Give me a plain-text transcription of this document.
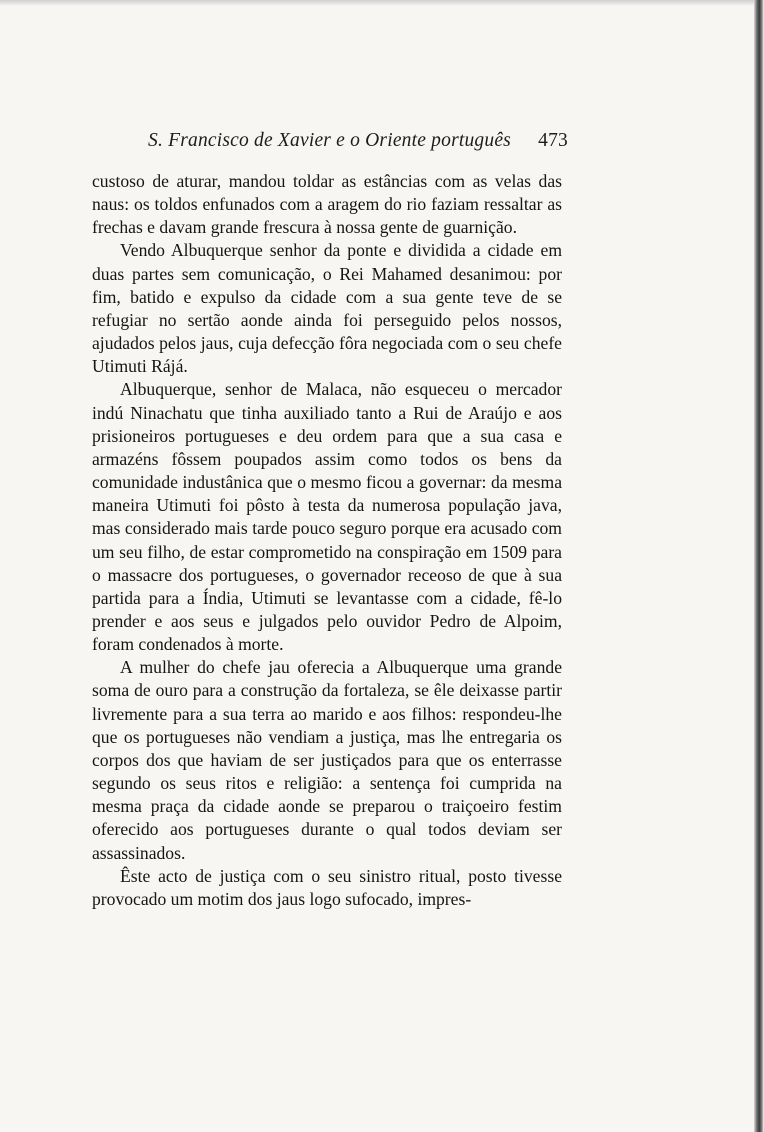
S. Francisco de Xavier e o Oriente português 473

custoso de aturar, mandou toldar as estâncias com as velas das naus: os toldos enfunados com a aragem do rio faziam ressaltar as frechas e davam grande frescura à nossa gente de guarnição.

Vendo Albuquerque senhor da ponte e dividida a cidade em duas partes sem comunicação, o Rei Mahamed desanimou: por fim, batido e expulso da cidade com a sua gente teve de se refugiar no sertão aonde ainda foi perseguido pelos nossos, ajudados pelos jaus, cuja defecção fôra negociada com o seu chefe Utimuti Rájá.

Albuquerque, senhor de Malaca, não esqueceu o mercador indú Ninachatu que tinha auxiliado tanto a Rui de Araújo e aos prisioneiros portugueses e deu ordem para que a sua casa e armazéns fôssem poupados assim como todos os bens da comunidade industânica que o mesmo ficou a governar: da mesma maneira Utimuti foi pôsto à testa da numerosa população java, mas considerado mais tarde pouco seguro porque era acusado com um seu filho, de estar comprometido na conspiração em 1509 para o massacre dos portugueses, o governador receoso de que à sua partida para a Índia, Utimuti se levantasse com a cidade, fê-lo prender e aos seus e julgados pelo ouvidor Pedro de Alpoim, foram condenados à morte.

A mulher do chefe jau oferecia a Albuquerque uma grande soma de ouro para a construção da fortaleza, se êle deixasse partir livremente para a sua terra ao marido e aos filhos: respondeu-lhe que os portugueses não vendiam a justiça, mas lhe entregaria os corpos dos que haviam de ser justiçados para que os enterrasse segundo os seus ritos e religião: a sentença foi cumprida na mesma praça da cidade aonde se preparou o traiçoeiro festim oferecido aos portugueses durante o qual todos deviam ser assassinados.

Êste acto de justiça com o seu sinistro ritual, posto tivesse provocado um motim dos jaus logo sufocado, impres-
